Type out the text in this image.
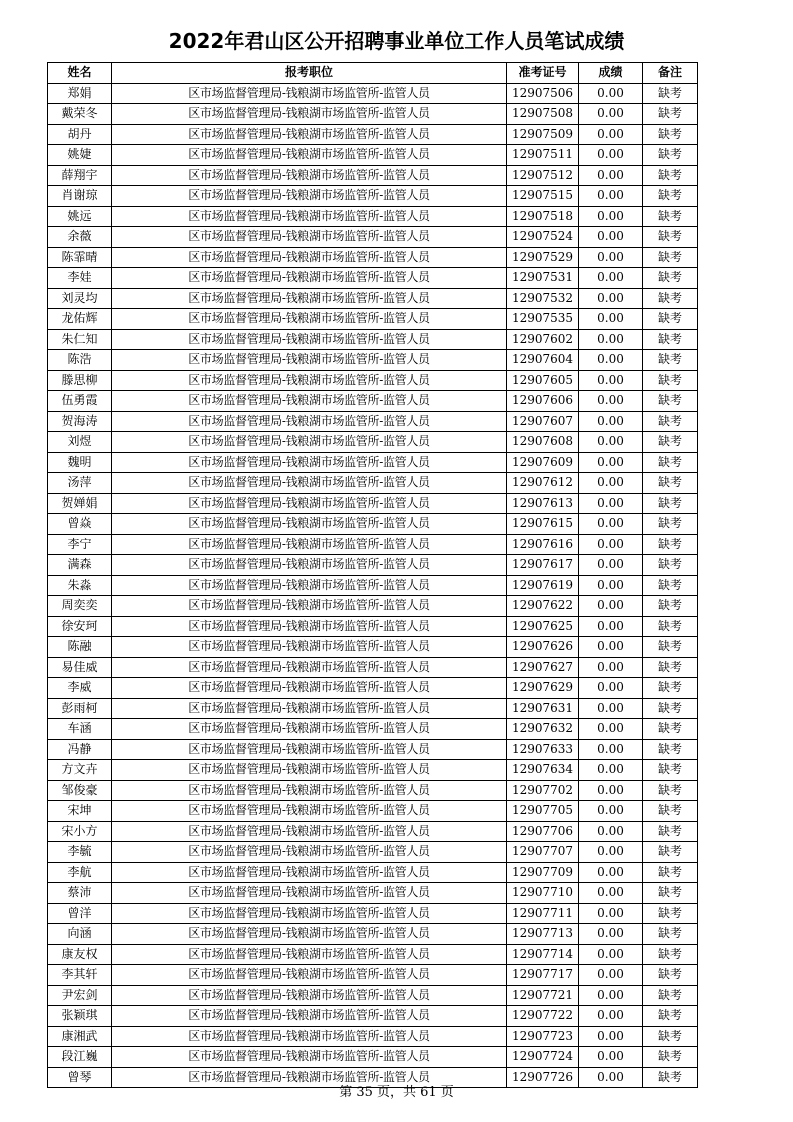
2022年君山区公开招聘事业单位工作人员笔试成绩
姓名	报考职位	准考证号	成绩	备注
郑娟	区市场监督管理局-钱粮湖市场监管所-监管人员	12907506	0.00	缺考
戴荣冬	区市场监督管理局-钱粮湖市场监管所-监管人员	12907508	0.00	缺考
胡丹	区市场监督管理局-钱粮湖市场监管所-监管人员	12907509	0.00	缺考
姚婕	区市场监督管理局-钱粮湖市场监管所-监管人员	12907511	0.00	缺考
薛翔宇	区市场监督管理局-钱粮湖市场监管所-监管人员	12907512	0.00	缺考
肖谢琼	区市场监督管理局-钱粮湖市场监管所-监管人员	12907515	0.00	缺考
姚远	区市场监督管理局-钱粮湖市场监管所-监管人员	12907518	0.00	缺考
余薇	区市场监督管理局-钱粮湖市场监管所-监管人员	12907524	0.00	缺考
陈霏晴	区市场监督管理局-钱粮湖市场监管所-监管人员	12907529	0.00	缺考
李娃	区市场监督管理局-钱粮湖市场监管所-监管人员	12907531	0.00	缺考
刘灵均	区市场监督管理局-钱粮湖市场监管所-监管人员	12907532	0.00	缺考
龙佑辉	区市场监督管理局-钱粮湖市场监管所-监管人员	12907535	0.00	缺考
朱仁知	区市场监督管理局-钱粮湖市场监管所-监管人员	12907602	0.00	缺考
陈浩	区市场监督管理局-钱粮湖市场监管所-监管人员	12907604	0.00	缺考
滕思柳	区市场监督管理局-钱粮湖市场监管所-监管人员	12907605	0.00	缺考
伍勇霞	区市场监督管理局-钱粮湖市场监管所-监管人员	12907606	0.00	缺考
贺海涛	区市场监督管理局-钱粮湖市场监管所-监管人员	12907607	0.00	缺考
刘煜	区市场监督管理局-钱粮湖市场监管所-监管人员	12907608	0.00	缺考
魏明	区市场监督管理局-钱粮湖市场监管所-监管人员	12907609	0.00	缺考
汤萍	区市场监督管理局-钱粮湖市场监管所-监管人员	12907612	0.00	缺考
贺婵娟	区市场监督管理局-钱粮湖市场监管所-监管人员	12907613	0.00	缺考
曾焱	区市场监督管理局-钱粮湖市场监管所-监管人员	12907615	0.00	缺考
李宁	区市场监督管理局-钱粮湖市场监管所-监管人员	12907616	0.00	缺考
满森	区市场监督管理局-钱粮湖市场监管所-监管人员	12907617	0.00	缺考
朱淼	区市场监督管理局-钱粮湖市场监管所-监管人员	12907619	0.00	缺考
周奕奕	区市场监督管理局-钱粮湖市场监管所-监管人员	12907622	0.00	缺考
徐安珂	区市场监督管理局-钱粮湖市场监管所-监管人员	12907625	0.00	缺考
陈融	区市场监督管理局-钱粮湖市场监管所-监管人员	12907626	0.00	缺考
易佳威	区市场监督管理局-钱粮湖市场监管所-监管人员	12907627	0.00	缺考
李威	区市场监督管理局-钱粮湖市场监管所-监管人员	12907629	0.00	缺考
彭雨柯	区市场监督管理局-钱粮湖市场监管所-监管人员	12907631	0.00	缺考
车涵	区市场监督管理局-钱粮湖市场监管所-监管人员	12907632	0.00	缺考
冯静	区市场监督管理局-钱粮湖市场监管所-监管人员	12907633	0.00	缺考
方文卉	区市场监督管理局-钱粮湖市场监管所-监管人员	12907634	0.00	缺考
邹俊豪	区市场监督管理局-钱粮湖市场监管所-监管人员	12907702	0.00	缺考
宋坤	区市场监督管理局-钱粮湖市场监管所-监管人员	12907705	0.00	缺考
宋小方	区市场监督管理局-钱粮湖市场监管所-监管人员	12907706	0.00	缺考
李毓	区市场监督管理局-钱粮湖市场监管所-监管人员	12907707	0.00	缺考
李航	区市场监督管理局-钱粮湖市场监管所-监管人员	12907709	0.00	缺考
蔡沛	区市场监督管理局-钱粮湖市场监管所-监管人员	12907710	0.00	缺考
曾洋	区市场监督管理局-钱粮湖市场监管所-监管人员	12907711	0.00	缺考
向涵	区市场监督管理局-钱粮湖市场监管所-监管人员	12907713	0.00	缺考
康友权	区市场监督管理局-钱粮湖市场监管所-监管人员	12907714	0.00	缺考
李其轩	区市场监督管理局-钱粮湖市场监管所-监管人员	12907717	0.00	缺考
尹宏剑	区市场监督管理局-钱粮湖市场监管所-监管人员	12907721	0.00	缺考
张颖琪	区市场监督管理局-钱粮湖市场监管所-监管人员	12907722	0.00	缺考
康湘武	区市场监督管理局-钱粮湖市场监管所-监管人员	12907723	0.00	缺考
段江巍	区市场监督管理局-钱粮湖市场监管所-监管人员	12907724	0.00	缺考
曾琴	区市场监督管理局-钱粮湖市场监管所-监管人员	12907726	0.00	缺考
第 35 页，共 61 页
